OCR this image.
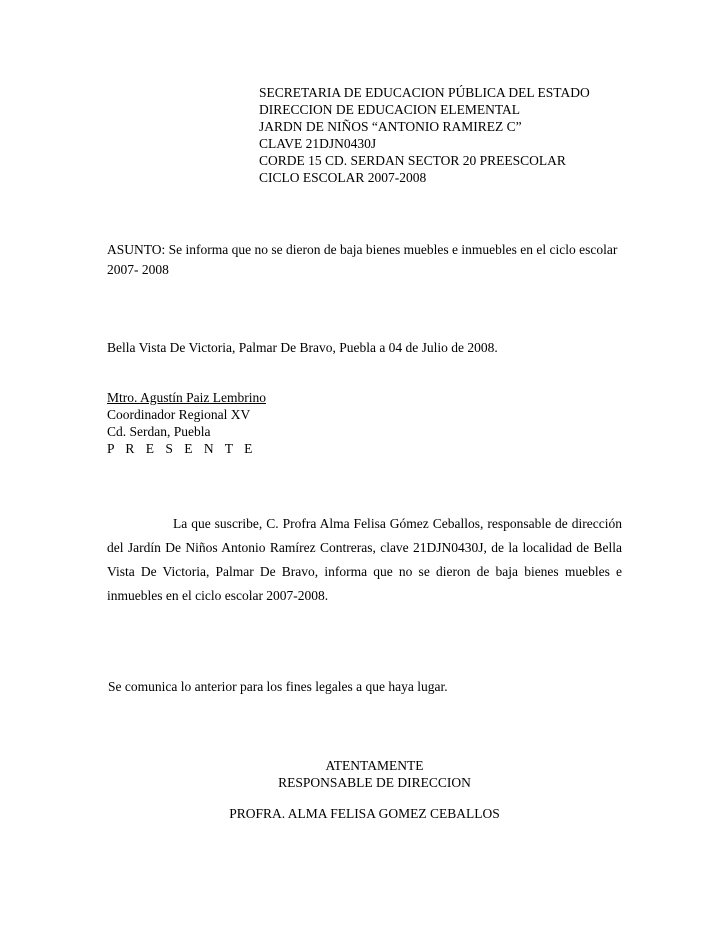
SECRETARIA DE EDUCACION PÚBLICA DEL ESTADO
DIRECCION DE EDUCACION ELEMENTAL
JARDN DE NIÑOS “ANTONIO RAMIREZ C”
CLAVE 21DJN0430J
CORDE 15 CD. SERDAN SECTOR 20 PREESCOLAR
CICLO ESCOLAR 2007-2008
ASUNTO: Se informa que no se dieron de baja bienes muebles e inmuebles en el ciclo escolar 2007- 2008
Bella Vista De Victoria, Palmar De Bravo, Puebla a 04 de Julio de 2008.
Mtro. Agustín Paiz Lembrino
Coordinador Regional XV
Cd. Serdan, Puebla
P R E S E N T E
La que suscribe, C. Profra Alma Felisa Gómez Ceballos, responsable de dirección del Jardín De Niños Antonio Ramírez Contreras, clave 21DJN0430J, de la localidad de Bella Vista De Victoria, Palmar De Bravo, informa que no se dieron de baja bienes muebles e inmuebles en el ciclo escolar 2007-2008.
Se comunica lo anterior para los fines legales a que haya lugar.
ATENTAMENTE
RESPONSABLE DE DIRECCION
PROFRA. ALMA FELISA GOMEZ CEBALLOS
